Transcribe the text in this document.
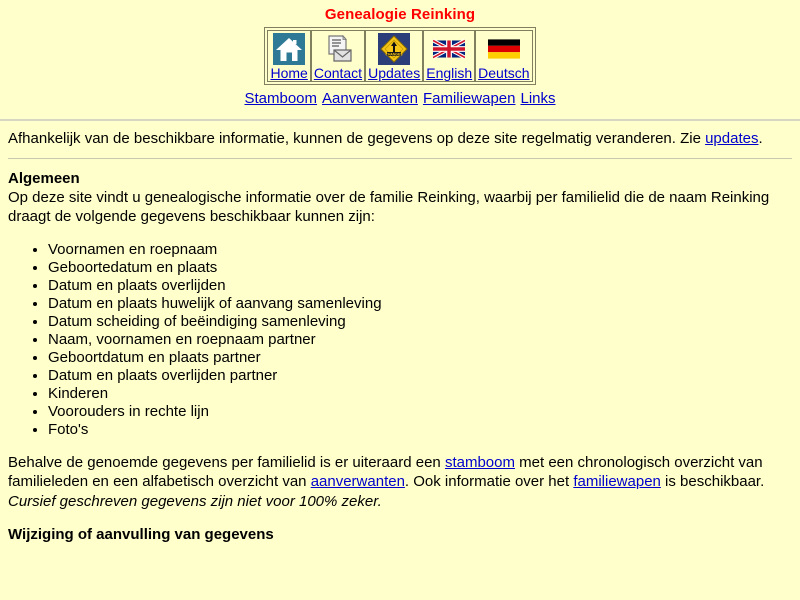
Genealogie Reinking
Home	Contact

CHANGES
Updates	English	Deutsch
Stamboom Aanverwanten Familiewapen Links

Afhankelijk van de beschikbare informatie, kunnen de gegevens op deze site regelmatig veranderen. Zie updates.

Algemeen

Op deze site vindt u genealogische informatie over de familie Reinking, waarbij per familielid die de naam Reinking draagt de volgende gegevens beschikbaar kunnen zijn:

• Voornamen en roepnaam
• Geboortedatum en plaats
• Datum en plaats overlijden
• Datum en plaats huwelijk of aanvang samenleving
• Datum scheiding of beëindiging samenleving
• Naam, voornamen en roepnaam partner
• Geboortdatum en plaats partner
• Datum en plaats overlijden partner
• Kinderen
• Voorouders in rechte lijn
• Foto's

Behalve de genoemde gegevens per familielid is er uiteraard een stamboom met een chronologisch overzicht van familieleden en een alfabetisch overzicht van aanverwanten. Ook informatie over het familiewapen is beschikbaar.

Cursief geschreven gegevens zijn niet voor 100% zeker.

Wijziging of aanvulling van gegevens
